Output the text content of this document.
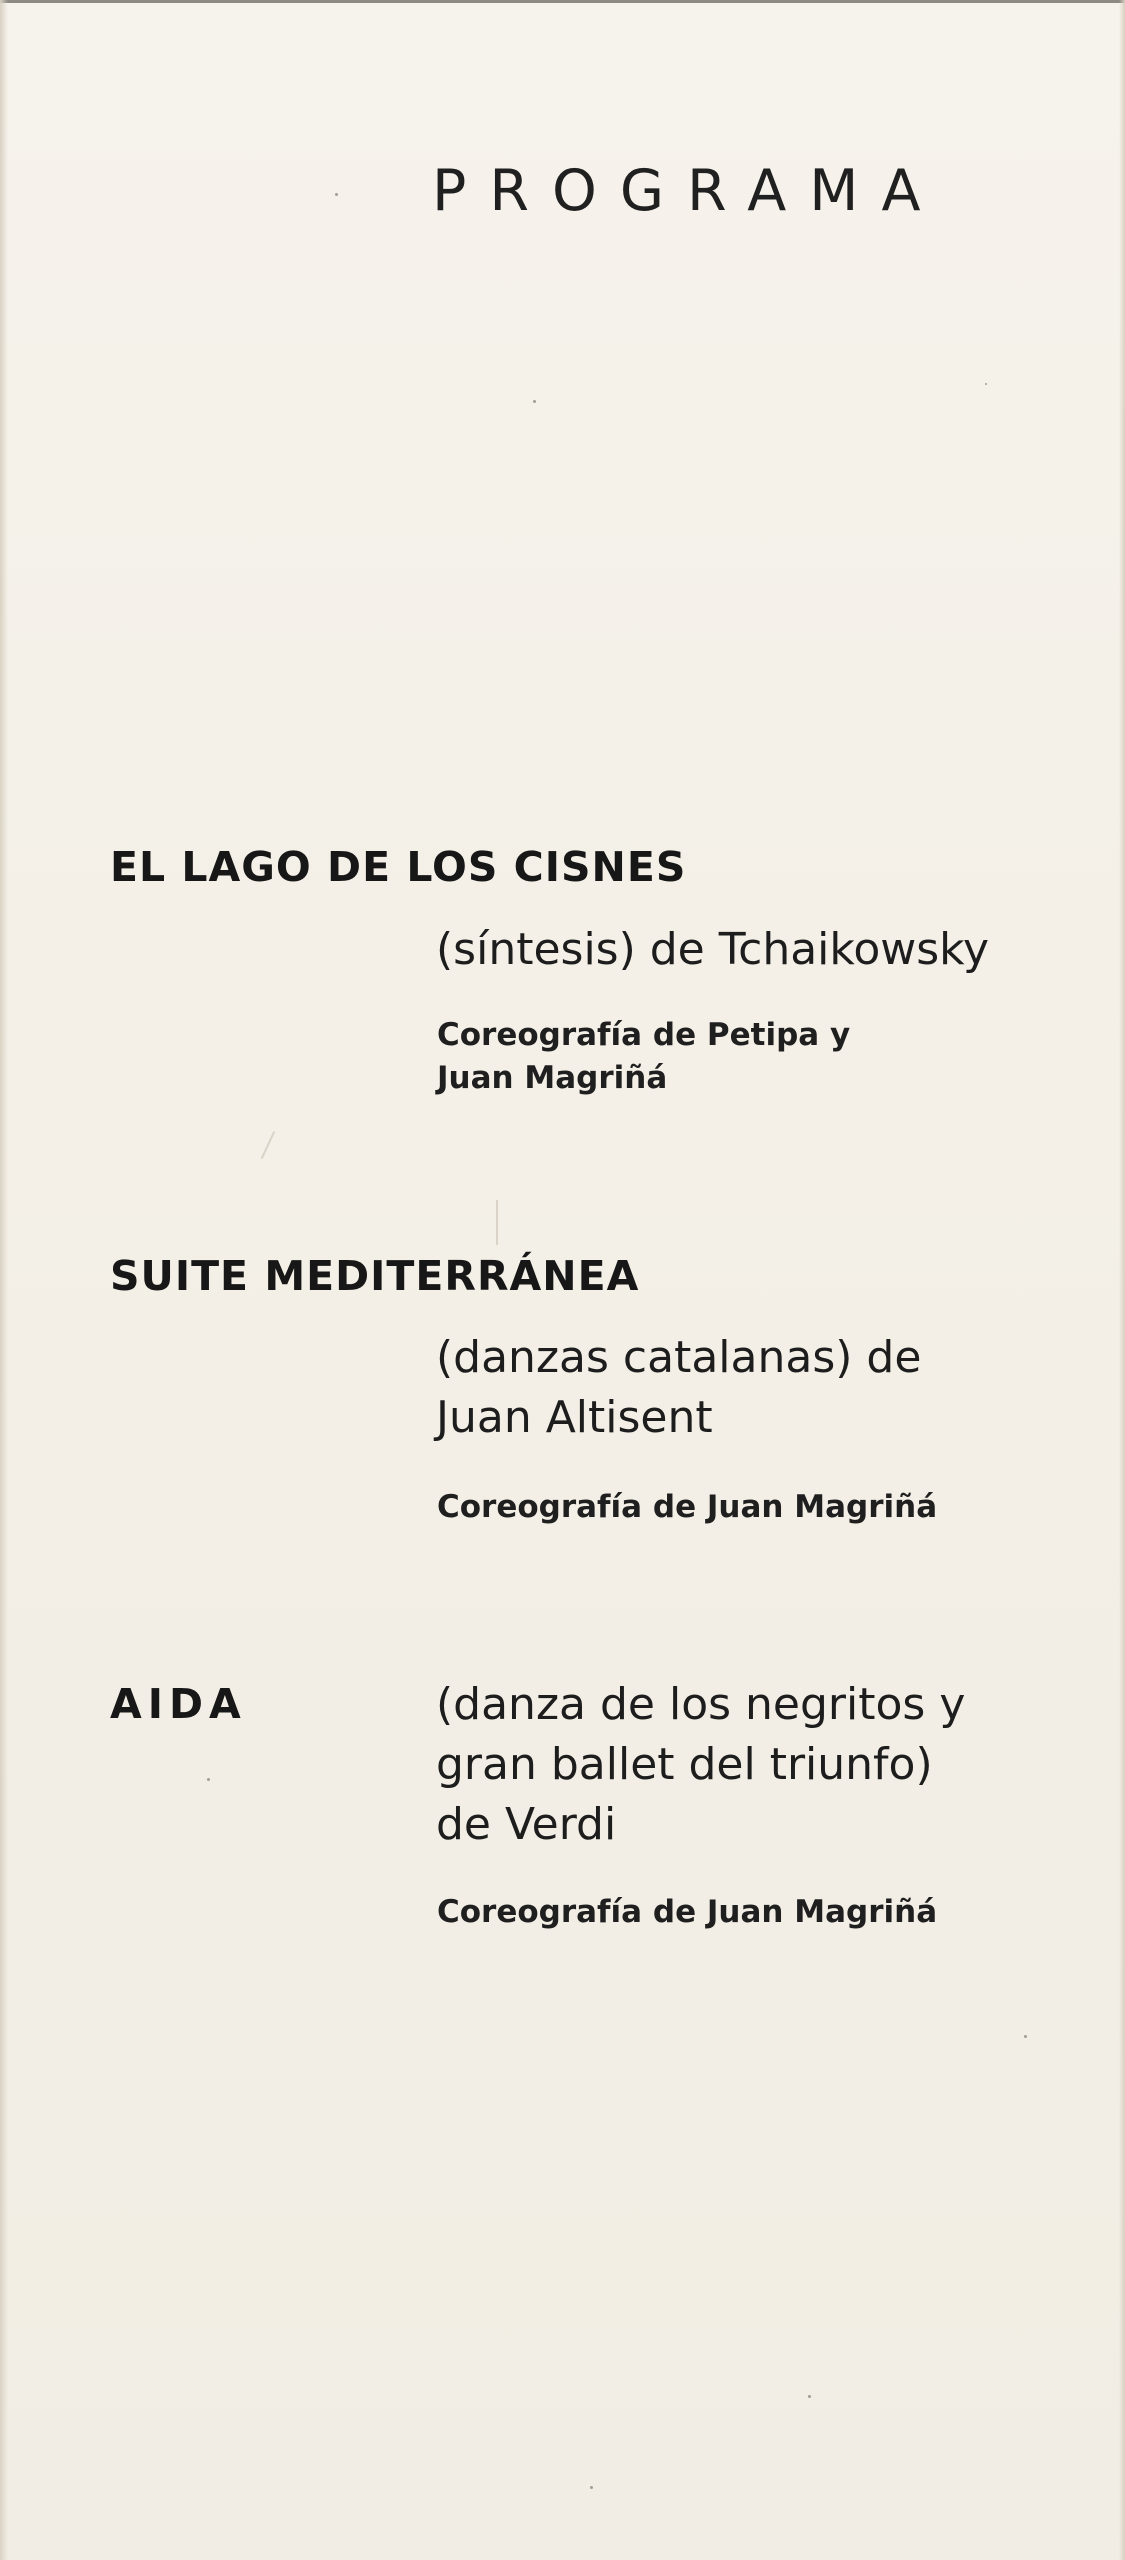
PROGRAMA
EL LAGO DE LOS CISNES
(síntesis) de Tchaikowsky
Coreografía de Petipa y
Juan Magriñá
SUITE MEDITERRÁNEA
(danzas catalanas) de
Juan Altisent
Coreografía de Juan Magriñá
AIDA	(danza de los negritos y
gran ballet del triunfo)
de Verdi
Coreografía de Juan Magriñá
